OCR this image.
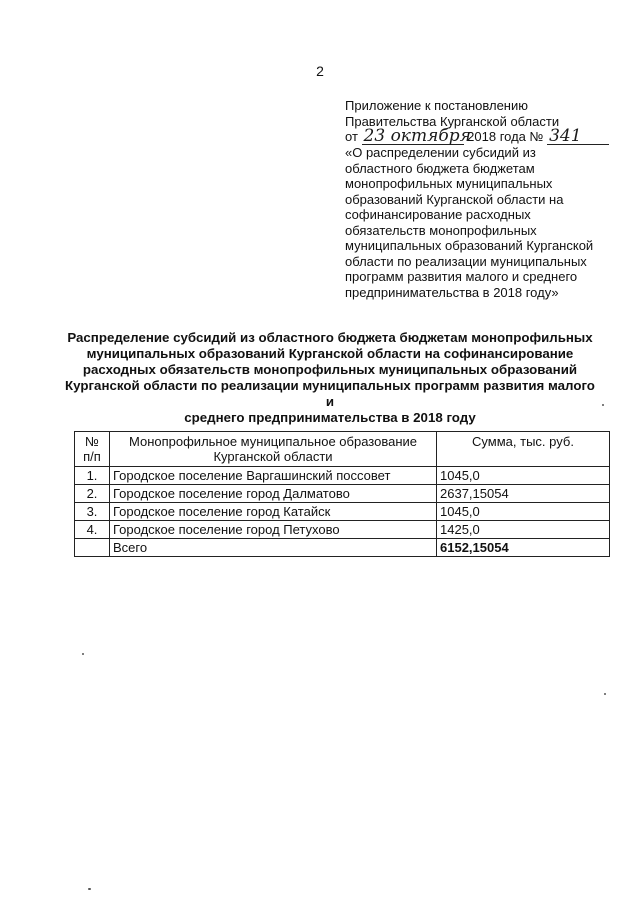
2
Приложение к постановлению
Правительства Курганской области
от 23 октября 2018 года № 341
«О распределении субсидий из
областного бюджета бюджетам
монопрофильных муниципальных
образований Курганской области на
софинансирование расходных
обязательств монопрофильных
муниципальных образований Курганской
области по реализации муниципальных
программ развития малого и среднего
предпринимательства в 2018 году»
Распределение субсидий из областного бюджета бюджетам монопрофильных
муниципальных образований Курганской области на софинансирование
расходных обязательств монопрофильных муниципальных образований
Курганской области по реализации муниципальных программ развития малого и
среднего предпринимательства в 2018 году
№ п/п	Монопрофильное муниципальное образование Курганской области	Сумма, тыс. руб.
1.	Городское поселение Варгашинский поссовет	1045,0
2.	Городское поселение город Далматово	2637,15054
3.	Городское поселение город Катайск	1045,0
4.	Городское поселение город Петухово	1425,0
	Всего	6152,15054
